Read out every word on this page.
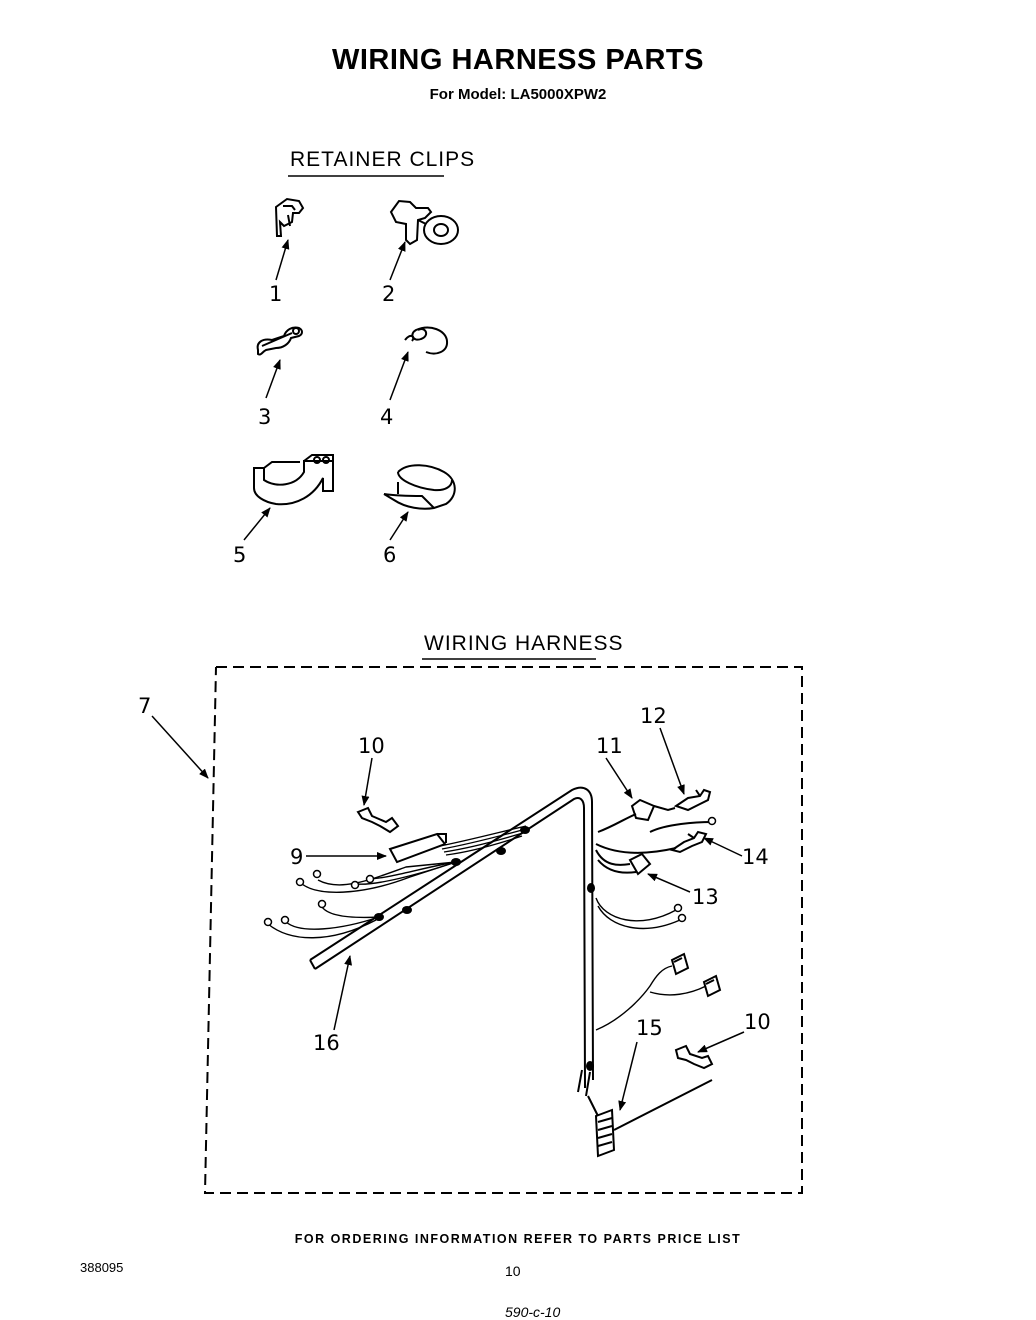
WIRING HARNESS PARTS
For Model: LA5000XPW2
RETAINER CLIPS
WIRING HARNESS
1	2
3	4
5	6
7
9
10	11
12
13
14
15	10
16
FOR ORDERING INFORMATION REFER TO PARTS PRICE LIST
388095	10
590-c-10
